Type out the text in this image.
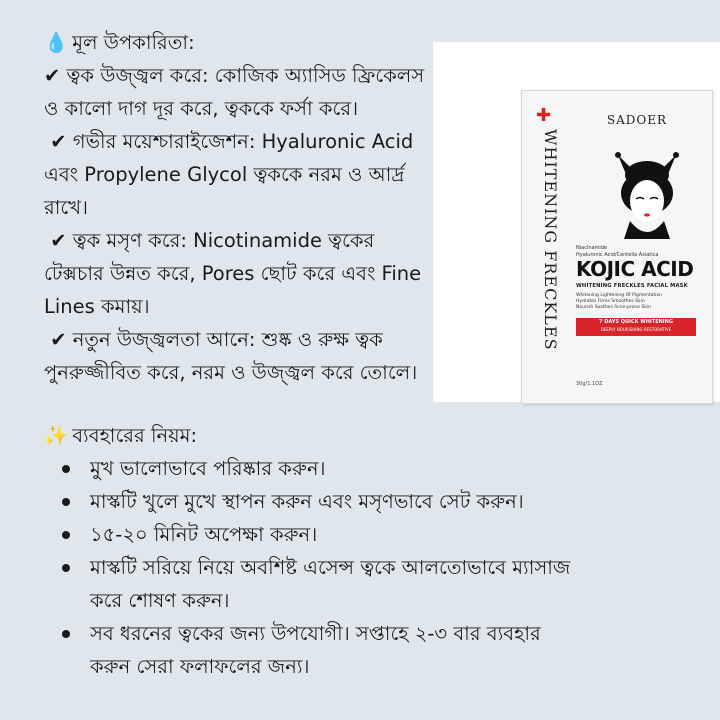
💧 মূল উপকারিতা:
✔ ত্বক উজ্জ্বল করে: কোজিক অ্যাসিড ফ্রিকেলস
ও কালো দাগ দূর করে, ত্বককে ফর্সা করে।
✔ গভীর ময়েশ্চারাইজেশন: Hyaluronic Acid
এবং Propylene Glycol ত্বককে নরম ও আর্দ্র
রাখে।
✔ ত্বক মসৃণ করে: Nicotinamide ত্বকের
টেক্সচার উন্নত করে, Pores ছোট করে এবং Fine
Lines কমায়।
✔ নতুন উজ্জ্বলতা আনে: শুষ্ক ও রুক্ষ ত্বক
পুনরুজ্জীবিত করে, নরম ও উজ্জ্বল করে তোলে।
✨ ব্যবহারের নিয়ম:
মুখ ভালোভাবে পরিষ্কার করুন।
মাস্কটি খুলে মুখে স্থাপন করুন এবং মসৃণভাবে সেট করুন।
১৫-২০ মিনিট অপেক্ষা করুন।
মাস্কটি সরিয়ে নিয়ে অবশিষ্ট এসেন্স ত্বকে আলতোভাবে ম্যাসাজ
করে শোষণ করুন।
সব ধরনের ত্বকের জন্য উপযোগী। সপ্তাহে ২-৩ বার ব্যবহার
করুন সেরা ফলাফলের জন্য।
✚	SADOER
WHITENING FRECKLES	Niacinamide
Hyaluronic Acid/Centella Asiatica
KOJIC ACID
WHITENING FRECKLES FACIAL MASK
Whitening Lightening Of Pigmentation
Hydrates Firms Smoothes Skin
Nourish Soothes Acne-prone Skin
7 DAYS QUICK WHITENING
DEEPLY NOURISHING RESTORATIVE
30g/1.1OZ
